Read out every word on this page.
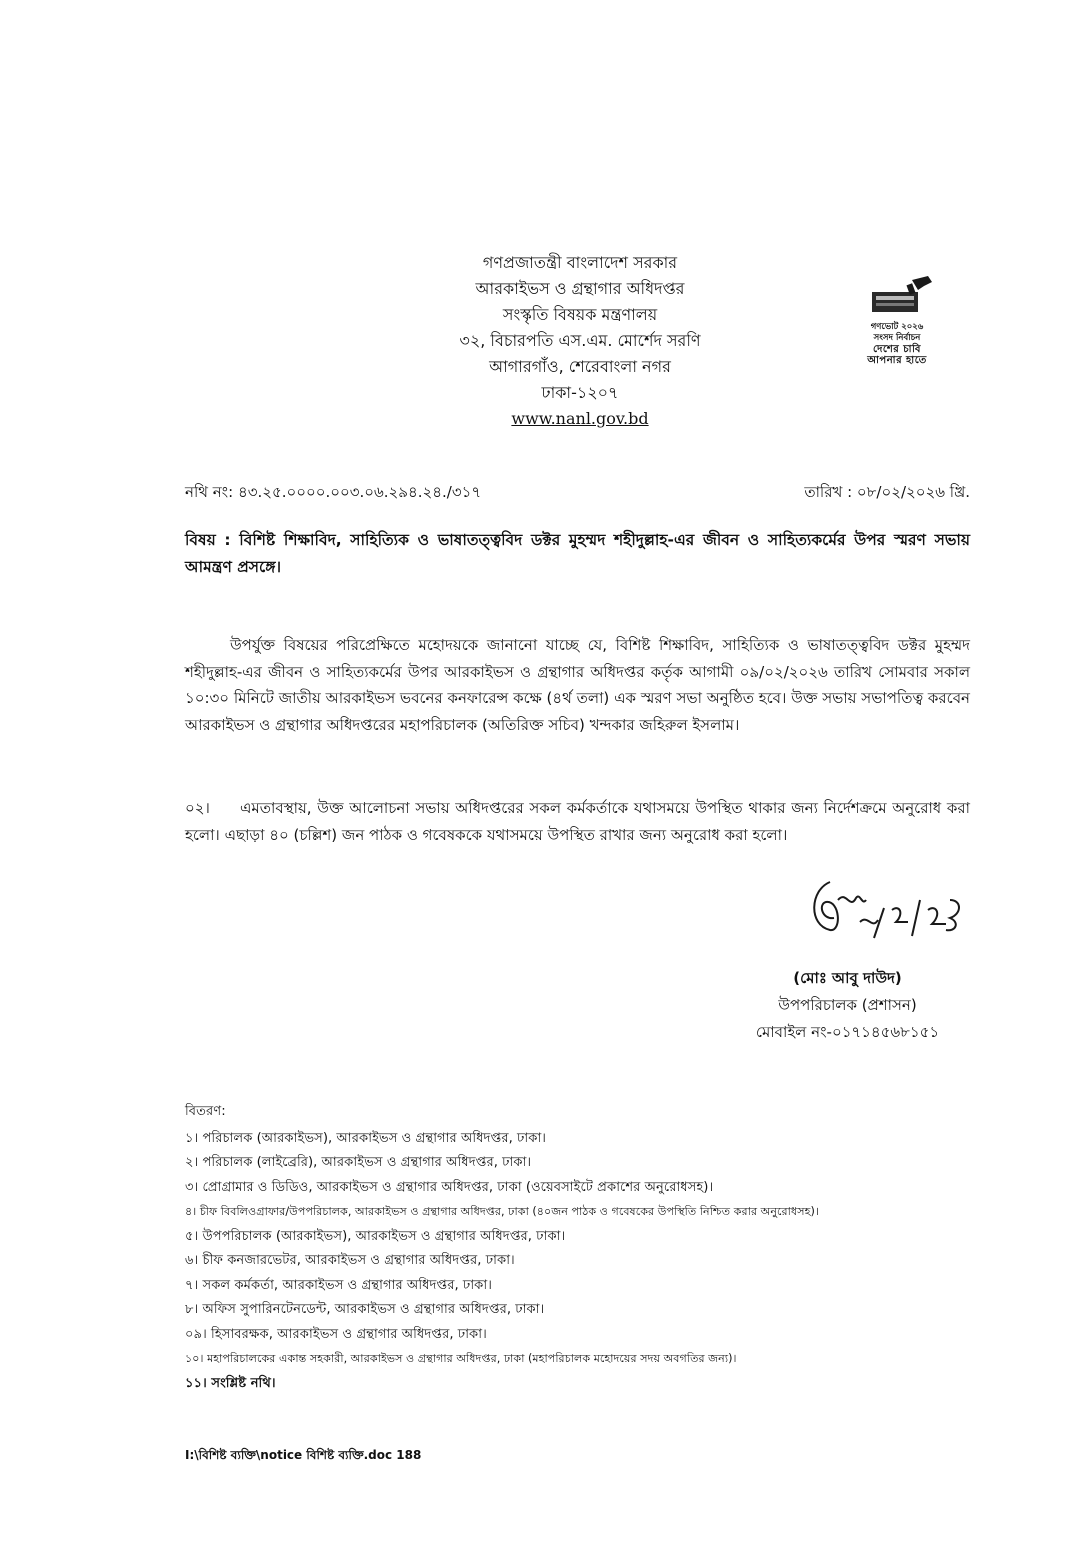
গণপ্রজাতন্ত্রী বাংলাদেশ সরকার
আরকাইভস ও গ্রন্থাগার অধিদপ্তর
সংস্কৃতি বিষয়ক মন্ত্রণালয়
৩২, বিচারপতি এস.এম. মোর্শেদ সরণি
আগারগাঁও, শেরেবাংলা নগর
ঢাকা-১২০৭
www.nanl.gov.bd
গণভোট ২০২৬
সংসদ নির্বাচন
দেশের চাবি
আপনার হাতে
নথি নং: ৪৩.২৫.০০০০.০০৩.০৬.২৯৪.২৪./৩১৭	তারিখ : ০৮/০২/২০২৬ খ্রি.
বিষয় : বিশিষ্ট শিক্ষাবিদ, সাহিত্যিক ও ভাষাতত্ত্ববিদ ডক্টর মুহম্মদ শহীদুল্লাহ-এর জীবন ও সাহিত্যকর্মের উপর স্মরণ সভায় আমন্ত্রণ প্রসঙ্গে।
উপর্যুক্ত বিষয়ের পরিপ্রেক্ষিতে মহোদয়কে জানানো যাচ্ছে যে, বিশিষ্ট শিক্ষাবিদ, সাহিত্যিক ও ভাষাতত্ত্ববিদ ডক্টর মুহম্মদ শহীদুল্লাহ-এর জীবন ও সাহিত্যকর্মের উপর আরকাইভস ও গ্রন্থাগার অধিদপ্তর কর্তৃক আগামী ০৯/০২/২০২৬ তারিখ সোমবার সকাল ১০:৩০ মিনিটে জাতীয় আরকাইভস ভবনের কনফারেন্স কক্ষে (৪র্থ তলা) এক স্মরণ সভা অনুষ্ঠিত হবে। উক্ত সভায় সভাপতিত্ব করবেন আরকাইভস ও গ্রন্থাগার অধিদপ্তরের মহাপরিচালক (অতিরিক্ত সচিব) খন্দকার জহিরুল ইসলাম।
০২। এমতাবস্থায়, উক্ত আলোচনা সভায় অধিদপ্তরের সকল কর্মকর্তাকে যথাসময়ে উপস্থিত থাকার জন্য নির্দেশক্রমে অনুরোধ করা হলো। এছাড়া ৪০ (চল্লিশ) জন পাঠক ও গবেষককে যথাসময়ে উপস্থিত রাখার জন্য অনুরোধ করা হলো।
(মোঃ আবু দাউদ)
উপপরিচালক (প্রশাসন)
মোবাইল নং-০১৭১৪৫৬৮১৫১
বিতরণ:
১। পরিচালক (আরকাইভস), আরকাইভস ও গ্রন্থাগার অধিদপ্তর, ঢাকা।
২। পরিচালক (লাইব্রেরি), আরকাইভস ও গ্রন্থাগার অধিদপ্তর, ঢাকা।
৩। প্রোগ্রামার ও ডিডিও, আরকাইভস ও গ্রন্থাগার অধিদপ্তর, ঢাকা (ওয়েবসাইটে প্রকাশের অনুরোধসহ)।
৪। চীফ বিবলিওগ্রাফার/উপপরিচালক, আরকাইভস ও গ্রন্থাগার অধিদপ্তর, ঢাকা (৪০জন পাঠক ও গবেষকের উপস্থিতি নিশ্চিত করার অনুরোধসহ)।
৫। উপপরিচালক (আরকাইভস), আরকাইভস ও গ্রন্থাগার অধিদপ্তর, ঢাকা।
৬। চীফ কনজারভেটর, আরকাইভস ও গ্রন্থাগার অধিদপ্তর, ঢাকা।
৭। সকল কর্মকর্তা, আরকাইভস ও গ্রন্থাগার অধিদপ্তর, ঢাকা।
৮। অফিস সুপারিনটেনডেন্ট, আরকাইভস ও গ্রন্থাগার অধিদপ্তর, ঢাকা।
০৯। হিসাবরক্ষক, আরকাইভস ও গ্রন্থাগার অধিদপ্তর, ঢাকা।
১০। মহাপরিচালকের একান্ত সহকারী, আরকাইভস ও গ্রন্থাগার অধিদপ্তর, ঢাকা (মহাপরিচালক মহোদয়ের সদয় অবগতির জন্য)।
১১। সংশ্লিষ্ট নথি।
I:\বিশিষ্ট ব্যক্তি\notice বিশিষ্ট ব্যক্তি.doc 188
